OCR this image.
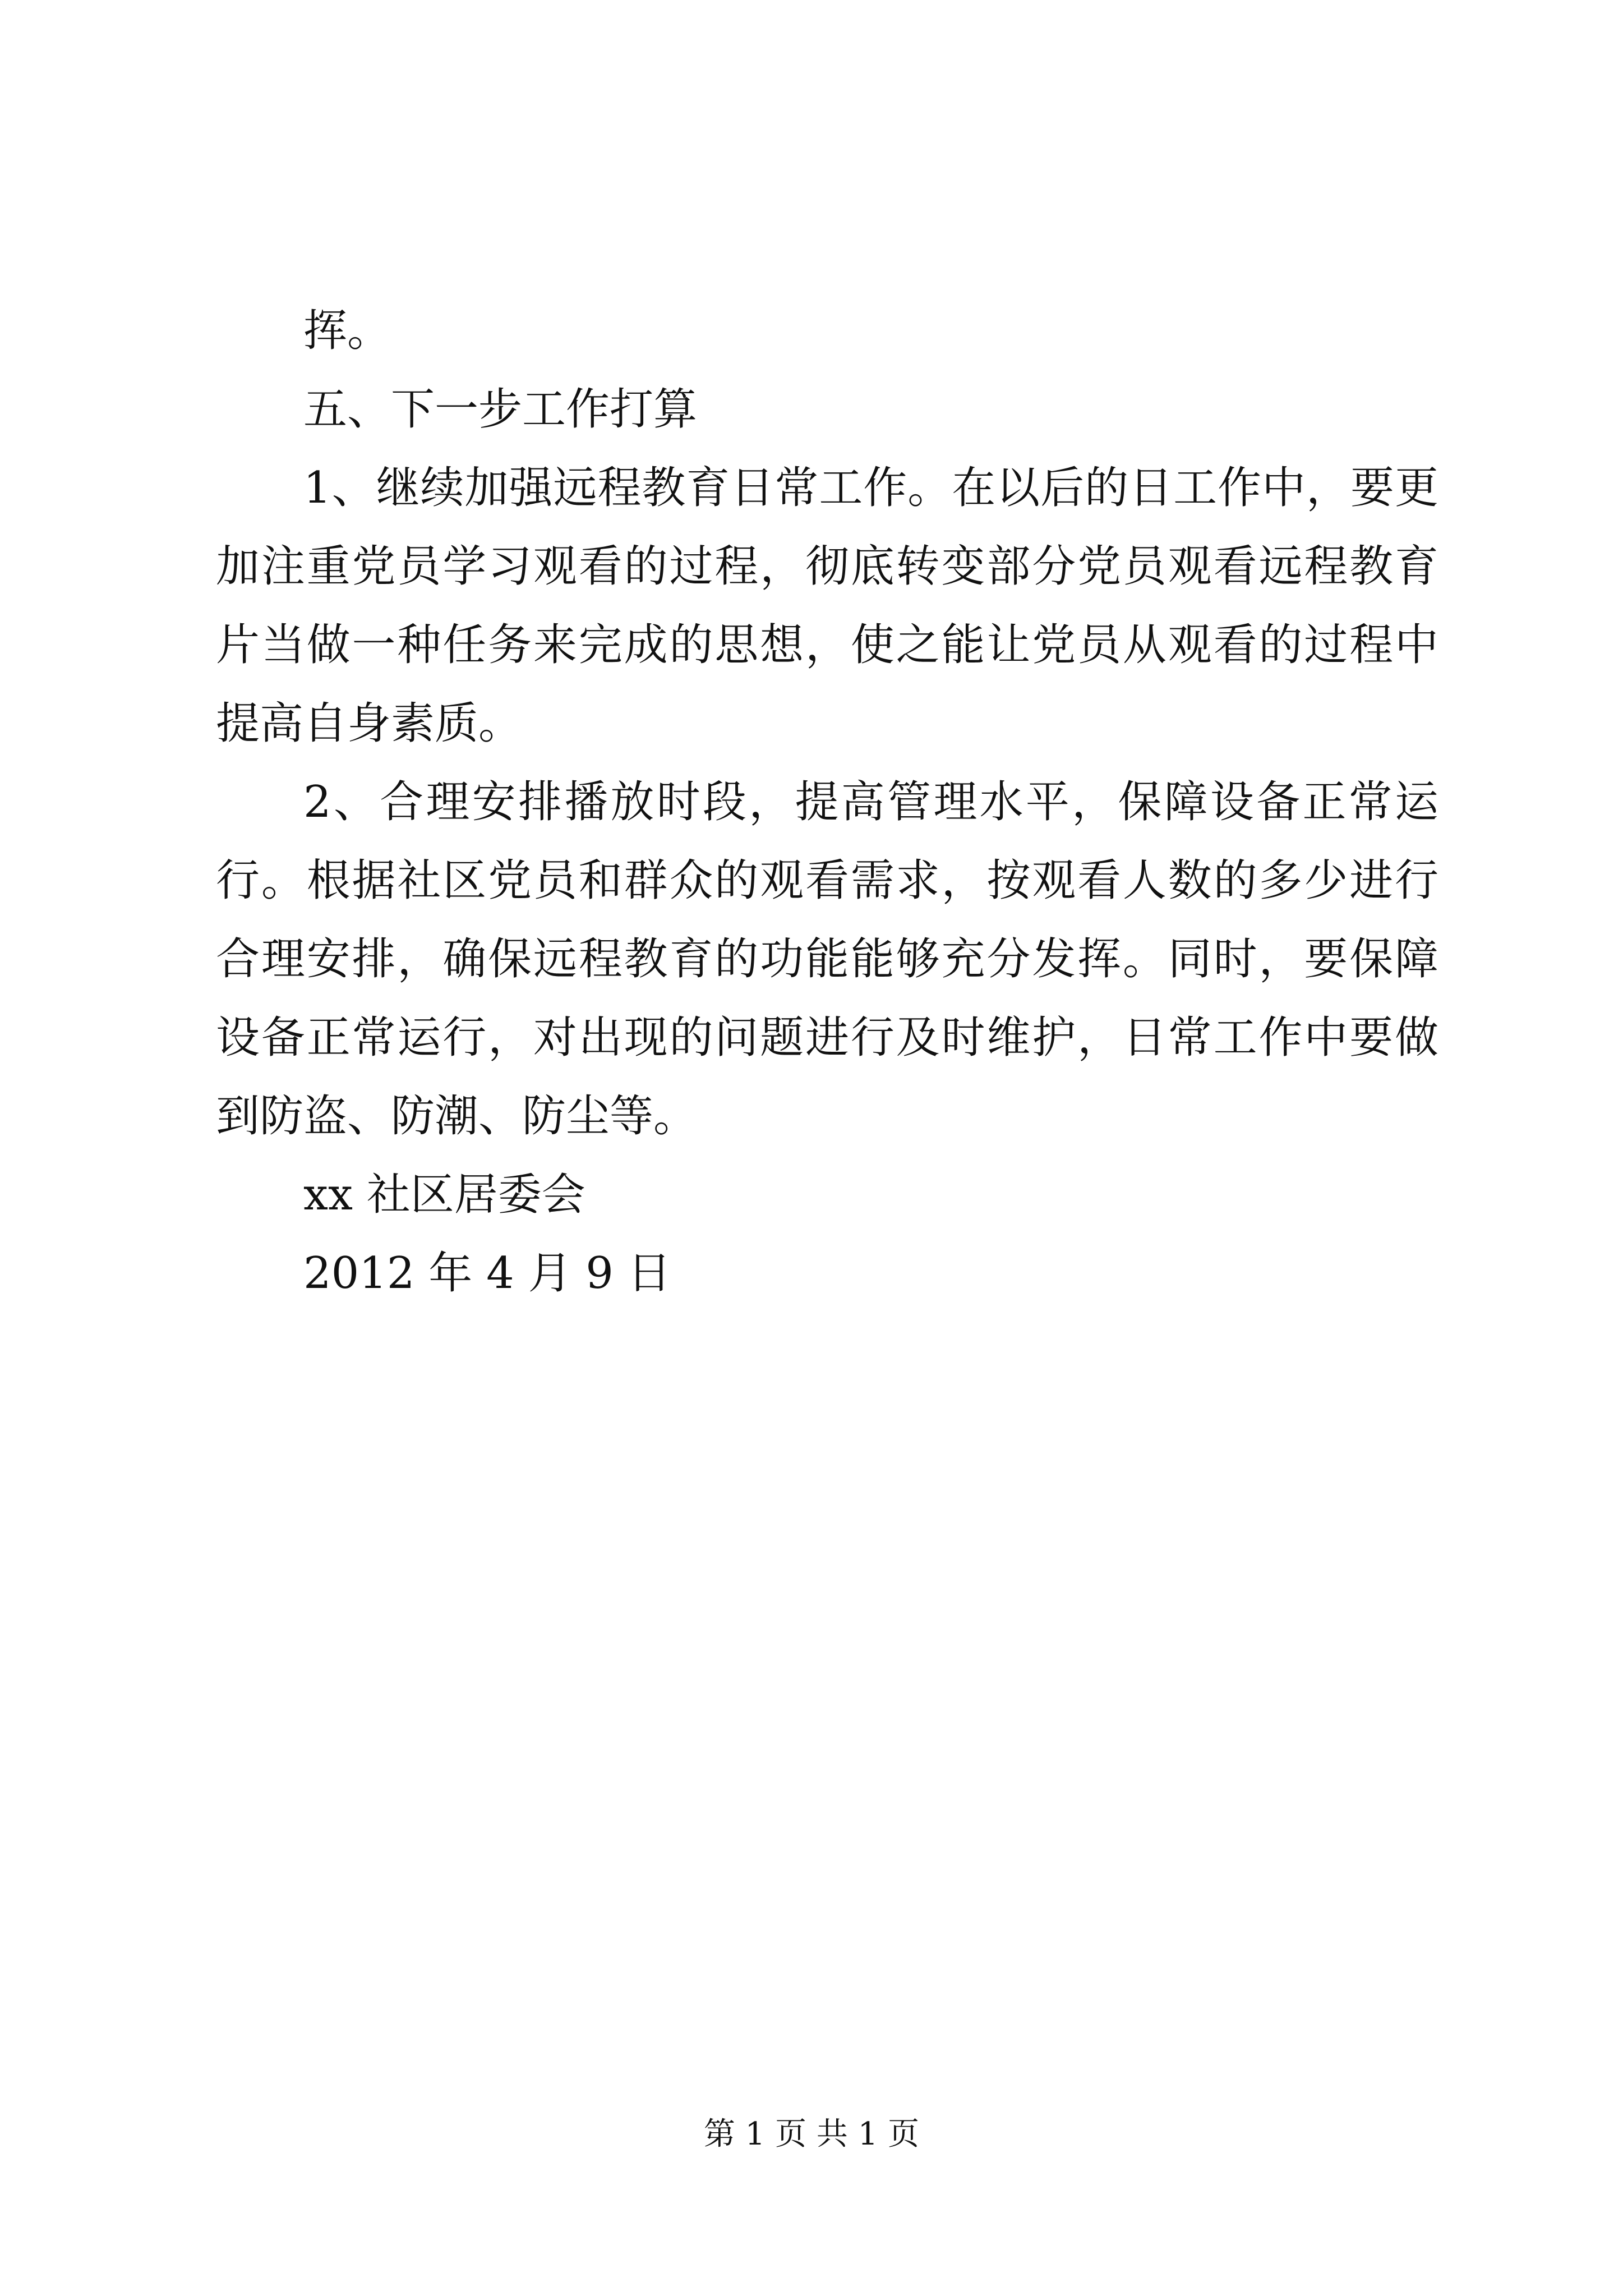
挥。

五、下一步工作打算

1、继续加强远程教育日常工作。在以后的日工作中，要更加注重党员学习观看的过程，彻底转变部分党员观看远程教育片当做一种任务来完成的思想，使之能让党员从观看的过程中提高自身素质。

2、合理安排播放时段，提高管理水平，保障设备正常运行。根据社区党员和群众的观看需求，按观看人数的多少进行合理安排，确保远程教育的功能能够充分发挥。同时，要保障设备正常运行，对出现的问题进行及时维护，日常工作中要做到防盗、防潮、防尘等。

xx 社区居委会

2012 年 4 月 9 日

第 1 页 共 1 页
